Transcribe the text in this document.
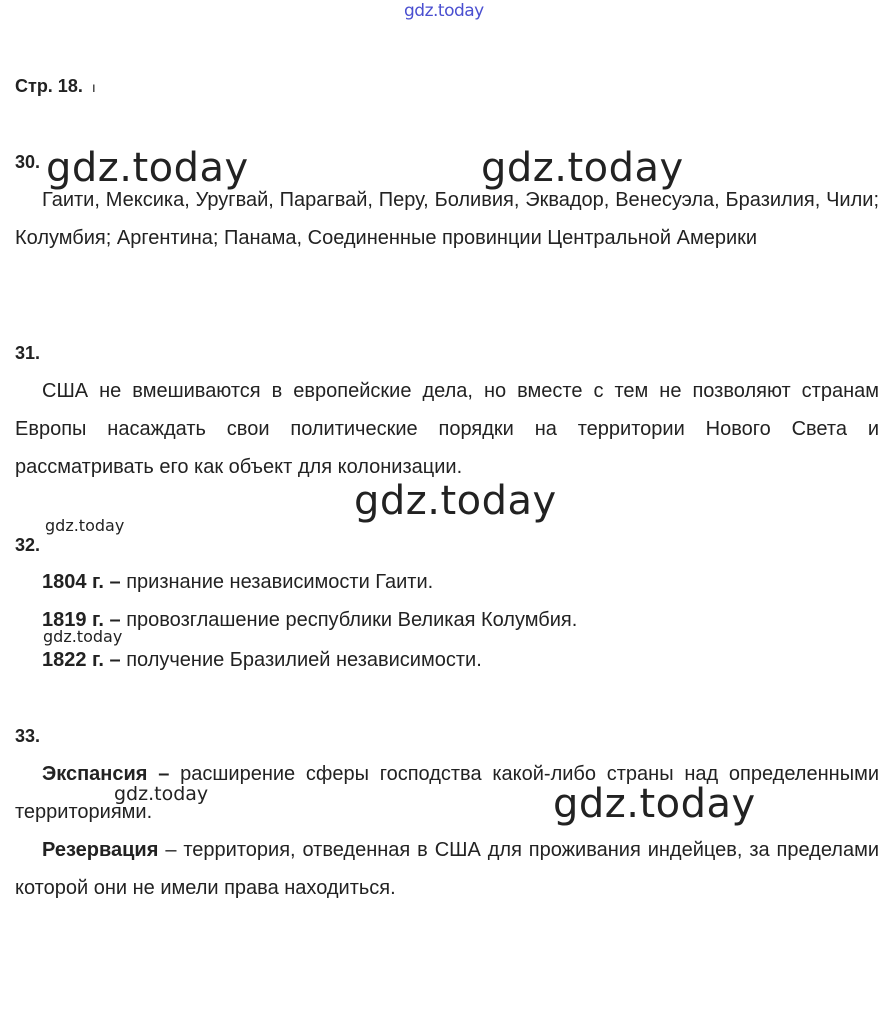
gdz.today
gdz.today	gdz.today
gdz.today
gdz.today
gdz.today
gdz.today	gdz.today
Стр. 18. ı
30.
Гаити, Мексика, Уругвай, Парагвай, Перу, Боливия, Эквадор, Венесуэла, Бразилия, Чили; Колумбия; Аргентина; Панама, Соединенные провинции Центральной Америки
31.
США не вмешиваются в европейские дела, но вместе с тем не позволяют странам Европы насаждать свои политические порядки на территории Нового Света и рассматривать его как объект для колонизации.
32.
1804 г. – признание независимости Гаити.
1819 г. – провозглашение республики Великая Колумбия.
1822 г. – получение Бразилией независимости.
33.
Экспансия – расширение сферы господства какой-либо страны над определенными территориями.
Резервация – территория, отведенная в США для проживания индейцев, за пределами которой они не имели права находиться.
